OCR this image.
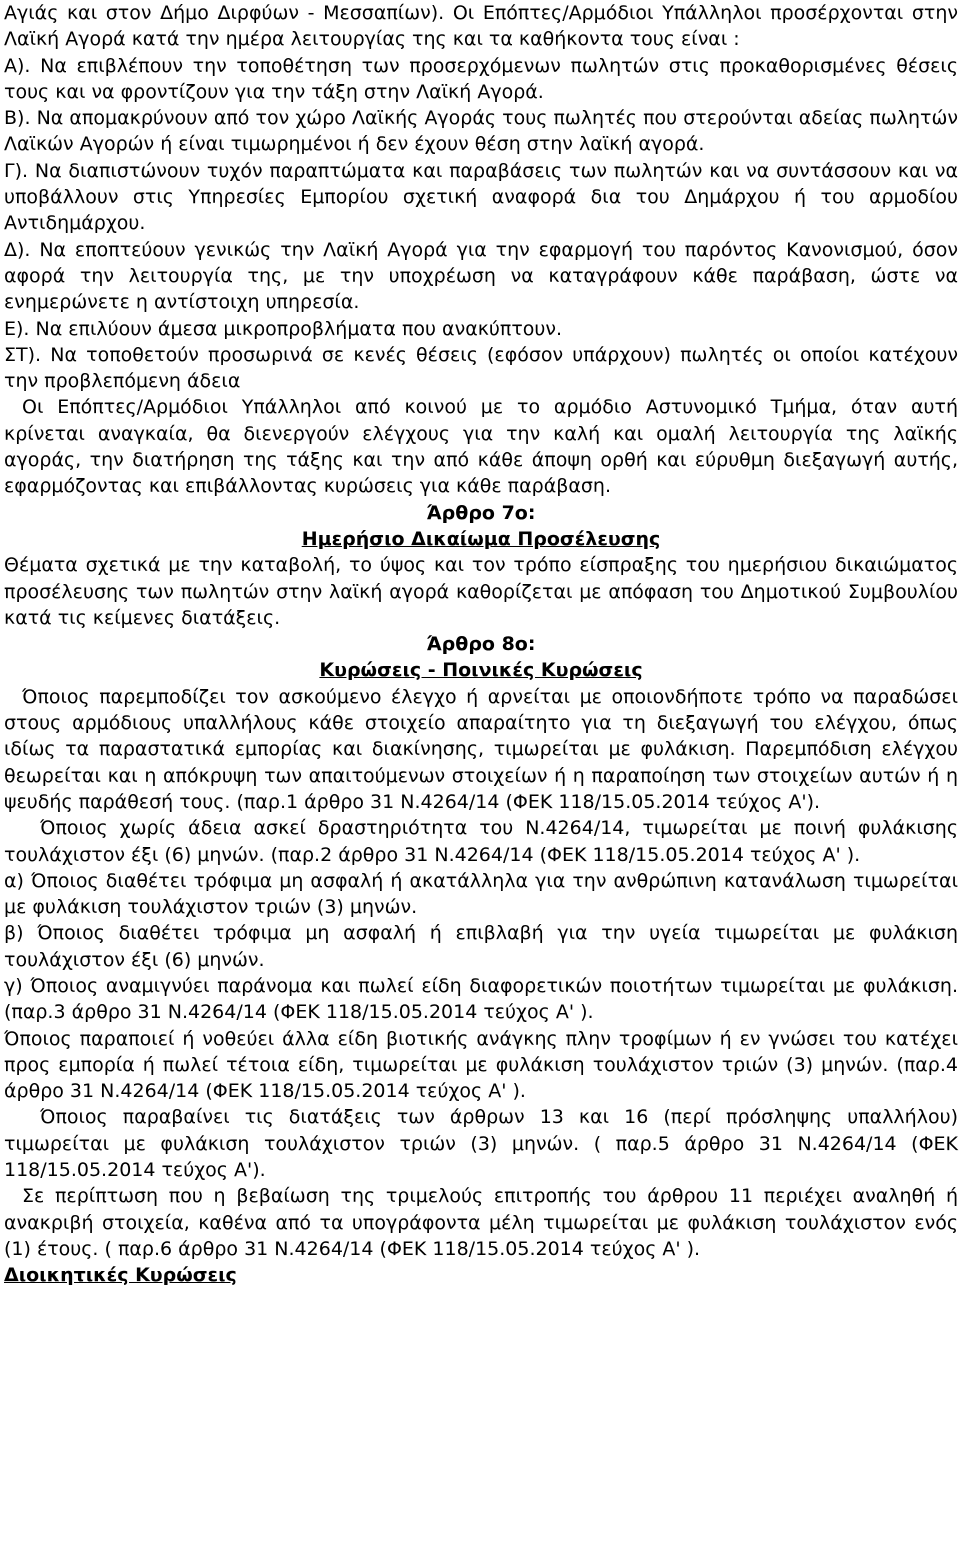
Αγιάς και στον Δήμο Διρφύων - Μεσσαπίων). Οι Επόπτες/Αρμόδιοι Υπάλληλοι προσέρχονται στην Λαϊκή Αγορά κατά την ημέρα λειτουργίας της και τα καθήκοντα τους είναι :

Α). Να επιβλέπουν την τοποθέτηση των προσερχόμενων πωλητών στις προκαθορισμένες θέσεις τους και να φροντίζουν για την τάξη στην Λαϊκή Αγορά.

Β). Να απομακρύνουν από τον χώρο Λαϊκής Αγοράς τους πωλητές που στερούνται αδείας πωλητών Λαϊκών Αγορών ή είναι τιμωρημένοι ή δεν έχουν θέση στην λαϊκή αγορά.

Γ). Να διαπιστώνουν τυχόν παραπτώματα και παραβάσεις των πωλητών και να συντάσσουν και να υποβάλλουν στις Υπηρεσίες Εμπορίου σχετική αναφορά δια του Δημάρχου ή του αρμοδίου Αντιδημάρχου.

Δ). Να εποπτεύουν γενικώς την Λαϊκή Αγορά για την εφαρμογή του παρόντος Κανονισμού, όσον αφορά την λειτουργία της, με την υποχρέωση να καταγράφουν κάθε παράβαση, ώστε να ενημερώνετε η αντίστοιχη υπηρεσία.

Ε). Να επιλύουν άμεσα μικροπροβλήματα που ανακύπτουν.

ΣΤ). Να τοποθετούν προσωρινά σε κενές θέσεις (εφόσον υπάρχουν) πωλητές οι οποίοι κατέχουν την προβλεπόμενη άδεια

Οι Επόπτες/Αρμόδιοι Υπάλληλοι από κοινού με το αρμόδιο Αστυνομικό Τμήμα, όταν αυτή κρίνεται αναγκαία, θα διενεργούν ελέγχους για την καλή και ομαλή λειτουργία της λαϊκής αγοράς, την διατήρηση της τάξης και την από κάθε άποψη ορθή και εύρυθμη διεξαγωγή αυτής, εφαρμόζοντας και επιβάλλοντας κυρώσεις για κάθε παράβαση.

Άρθρο 7ο:
Ημερήσιο Δικαίωμα Προσέλευσης

Θέματα σχετικά με την καταβολή, το ύψος και τον τρόπο είσπραξης του ημερήσιου δικαιώματος προσέλευσης των πωλητών στην λαϊκή αγορά καθορίζεται με απόφαση του Δημοτικού Συμβουλίου κατά τις κείμενες διατάξεις.

Άρθρο 8ο:
Κυρώσεις - Ποινικές Κυρώσεις

Όποιος παρεμποδίζει τον ασκούμενο έλεγχο ή αρνείται με οποιονδήποτε τρόπο να παραδώσει στους αρμόδιους υπαλλήλους κάθε στοιχείο απαραίτητο για τη διεξαγωγή του ελέγχου, όπως ιδίως τα παραστατικά εμπορίας και διακίνησης, τιμωρείται με φυλάκιση. Παρεμπόδιση ελέγχου θεωρείται και η απόκρυψη των απαιτούμενων στοιχείων ή η παραποίηση των στοιχείων αυτών ή η ψευδής παράθεσή τους. (παρ.1 άρθρο 31 Ν.4264/14 (ΦΕΚ 118/15.05.2014 τεύχος Α').

Όποιος χωρίς άδεια ασκεί δραστηριότητα του Ν.4264/14, τιμωρείται με ποινή φυλάκισης τουλάχιστον έξι (6) μηνών. (παρ.2 άρθρο 31 Ν.4264/14 (ΦΕΚ 118/15.05.2014 τεύχος Α' ).

α) Όποιος διαθέτει τρόφιμα μη ασφαλή ή ακατάλληλα για την ανθρώπινη κατανάλωση τιμωρείται με φυλάκιση τουλάχιστον τριών (3) μηνών.

β) Όποιος διαθέτει τρόφιμα μη ασφαλή ή επιβλαβή για την υγεία τιμωρείται με φυλάκιση τουλάχιστον έξι (6) μηνών.

γ) Όποιος αναμιγνύει παράνομα και πωλεί είδη διαφορετικών ποιοτήτων τιμωρείται με φυλάκιση. (παρ.3 άρθρο 31 Ν.4264/14 (ΦΕΚ 118/15.05.2014 τεύχος Α' ).

Όποιος παραποιεί ή νοθεύει άλλα είδη βιοτικής ανάγκης πλην τροφίμων ή εν γνώσει του κατέχει προς εμπορία ή πωλεί τέτοια είδη, τιμωρείται με φυλάκιση τουλάχιστον τριών (3) μηνών. (παρ.4 άρθρο 31 Ν.4264/14 (ΦΕΚ 118/15.05.2014 τεύχος Α' ).

Όποιος παραβαίνει τις διατάξεις των άρθρων 13 και 16 (περί πρόσληψης υπαλλήλου) τιμωρείται με φυλάκιση τουλάχιστον τριών (3) μηνών. ( παρ.5 άρθρο 31 Ν.4264/14 (ΦΕΚ 118/15.05.2014 τεύχος Α').

Σε περίπτωση που η βεβαίωση της τριμελούς επιτροπής του άρθρου 11 περιέχει αναληθή ή ανακριβή στοιχεία, καθένα από τα υπογράφοντα μέλη τιμωρείται με φυλάκιση τουλάχιστον ενός (1) έτους. ( παρ.6 άρθρο 31 Ν.4264/14 (ΦΕΚ 118/15.05.2014 τεύχος Α' ).

Διοικητικές Κυρώσεις
